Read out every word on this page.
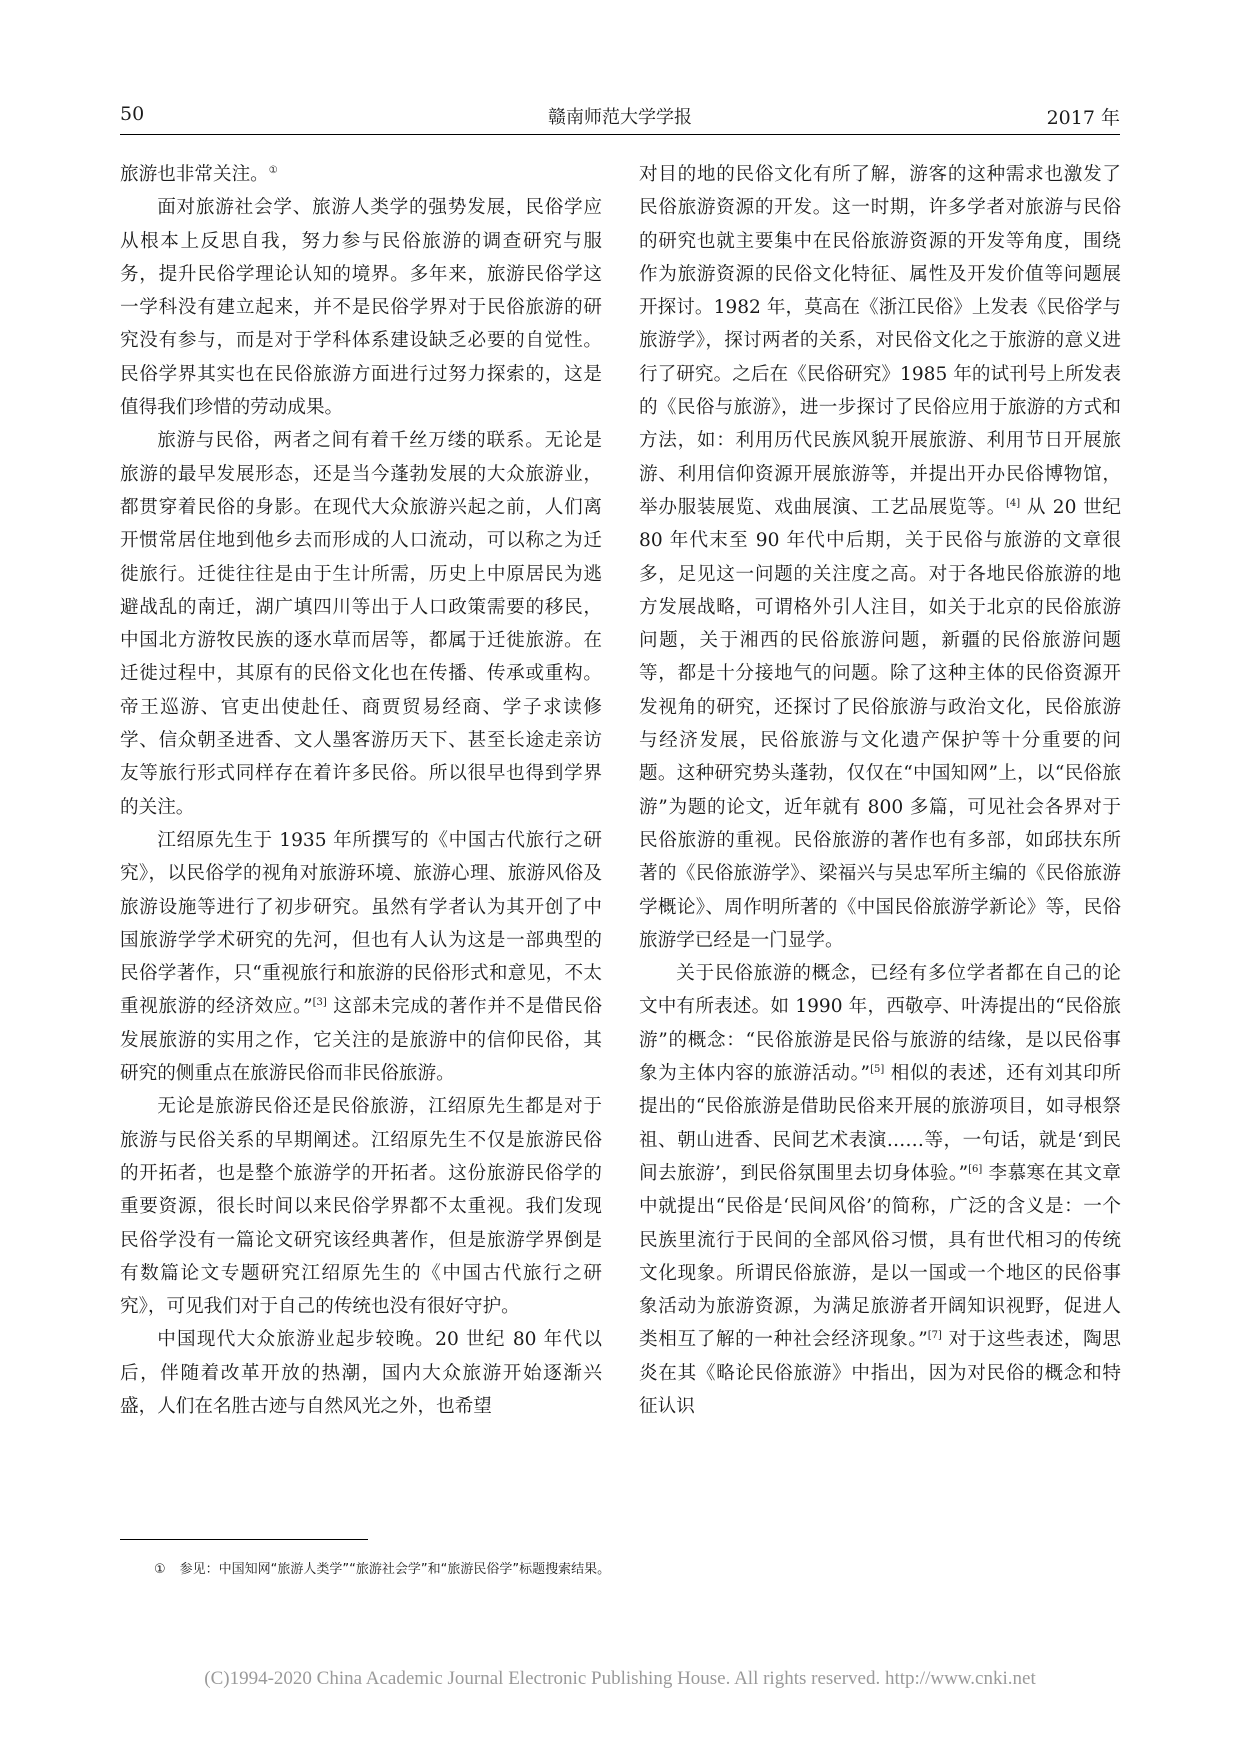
赣南师范大学学报
50	2017 年

旅游也非常关注。①

面对旅游社会学、旅游人类学的强势发展，民俗学应从根本上反思自我，努力参与民俗旅游的调查研究与服务，提升民俗学理论认知的境界。多年来，旅游民俗学这一学科没有建立起来，并不是民俗学界对于民俗旅游的研究没有参与，而是对于学科体系建设缺乏必要的自觉性。民俗学界其实也在民俗旅游方面进行过努力探索的，这是值得我们珍惜的劳动成果。

旅游与民俗，两者之间有着千丝万缕的联系。无论是旅游的最早发展形态，还是当今蓬勃发展的大众旅游业，都贯穿着民俗的身影。在现代大众旅游兴起之前，人们离开惯常居住地到他乡去而形成的人口流动，可以称之为迁徙旅行。迁徙往往是由于生计所需，历史上中原居民为逃避战乱的南迁，湖广填四川等出于人口政策需要的移民，中国北方游牧民族的逐水草而居等，都属于迁徙旅游。在迁徙过程中，其原有的民俗文化也在传播、传承或重构。帝王巡游、官吏出使赴任、商贾贸易经商、学子求读修学、信众朝圣进香、文人墨客游历天下、甚至长途走亲访友等旅行形式同样存在着许多民俗。所以很早也得到学界的关注。

江绍原先生于 1935 年所撰写的《中国古代旅行之研究》，以民俗学的视角对旅游环境、旅游心理、旅游风俗及旅游设施等进行了初步研究。虽然有学者认为其开创了中国旅游学学术研究的先河，但也有人认为这是一部典型的民俗学著作，只“重视旅行和旅游的民俗形式和意见，不太重视旅游的经济效应。”[3] 这部未完成的著作并不是借民俗发展旅游的实用之作，它关注的是旅游中的信仰民俗，其研究的侧重点在旅游民俗而非民俗旅游。

无论是旅游民俗还是民俗旅游，江绍原先生都是对于旅游与民俗关系的早期阐述。江绍原先生不仅是旅游民俗的开拓者，也是整个旅游学的开拓者。这份旅游民俗学的重要资源，很长时间以来民俗学界都不太重视。我们发现民俗学没有一篇论文研究该经典著作，但是旅游学界倒是有数篇论文专题研究江绍原先生的《中国古代旅行之研究》，可见我们对于自己的传统也没有很好守护。

中国现代大众旅游业起步较晚。20 世纪 80 年代以后，伴随着改革开放的热潮，国内大众旅游开始逐渐兴盛，人们在名胜古迹与自然风光之外，也希望

对目的地的民俗文化有所了解，游客的这种需求也激发了民俗旅游资源的开发。这一时期，许多学者对旅游与民俗的研究也就主要集中在民俗旅游资源的开发等角度，围绕作为旅游资源的民俗文化特征、属性及开发价值等问题展开探讨。1982 年，莫高在《浙江民俗》上发表《民俗学与旅游学》，探讨两者的关系，对民俗文化之于旅游的意义进行了研究。之后在《民俗研究》1985 年的试刊号上所发表的《民俗与旅游》，进一步探讨了民俗应用于旅游的方式和方法，如：利用历代民族风貌开展旅游、利用节日开展旅游、利用信仰资源开展旅游等，并提出开办民俗博物馆，举办服装展览、戏曲展演、工艺品展览等。[4] 从 20 世纪 80 年代末至 90 年代中后期，关于民俗与旅游的文章很多，足见这一问题的关注度之高。对于各地民俗旅游的地方发展战略，可谓格外引人注目，如关于北京的民俗旅游问题，关于湘西的民俗旅游问题，新疆的民俗旅游问题等，都是十分接地气的问题。除了这种主体的民俗资源开发视角的研究，还探讨了民俗旅游与政治文化，民俗旅游与经济发展，民俗旅游与文化遗产保护等十分重要的问题。这种研究势头蓬勃，仅仅在“中国知网”上，以“民俗旅游”为题的论文，近年就有 800 多篇，可见社会各界对于民俗旅游的重视。民俗旅游的著作也有多部，如邱扶东所著的《民俗旅游学》、梁福兴与吴忠军所主编的《民俗旅游学概论》、周作明所著的《中国民俗旅游学新论》等，民俗旅游学已经是一门显学。

关于民俗旅游的概念，已经有多位学者都在自己的论文中有所表述。如 1990 年，西敬亭、叶涛提出的“民俗旅游”的概念：“民俗旅游是民俗与旅游的结缘，是以民俗事象为主体内容的旅游活动。”[5] 相似的表述，还有刘其印所提出的“民俗旅游是借助民俗来开展的旅游项目，如寻根祭祖、朝山进香、民间艺术表演……等，一句话，就是‘到民间去旅游’，到民俗氛围里去切身体验。”[6] 李慕寒在其文章中就提出“民俗是‘民间风俗’的简称，广泛的含义是：一个民族里流行于民间的全部风俗习惯，具有世代相习的传统文化现象。所谓民俗旅游，是以一国或一个地区的民俗事象活动为旅游资源，为满足旅游者开阔知识视野，促进人类相互了解的一种社会经济现象。”[7] 对于这些表述，陶思炎在其《略论民俗旅游》中指出，因为对民俗的概念和特征认识

① 参见：中国知网“旅游人类学”“旅游社会学”和“旅游民俗学”标题搜索结果。
(C)1994-2020 China Academic Journal Electronic Publishing House. All rights reserved. http://www.cnki.net
